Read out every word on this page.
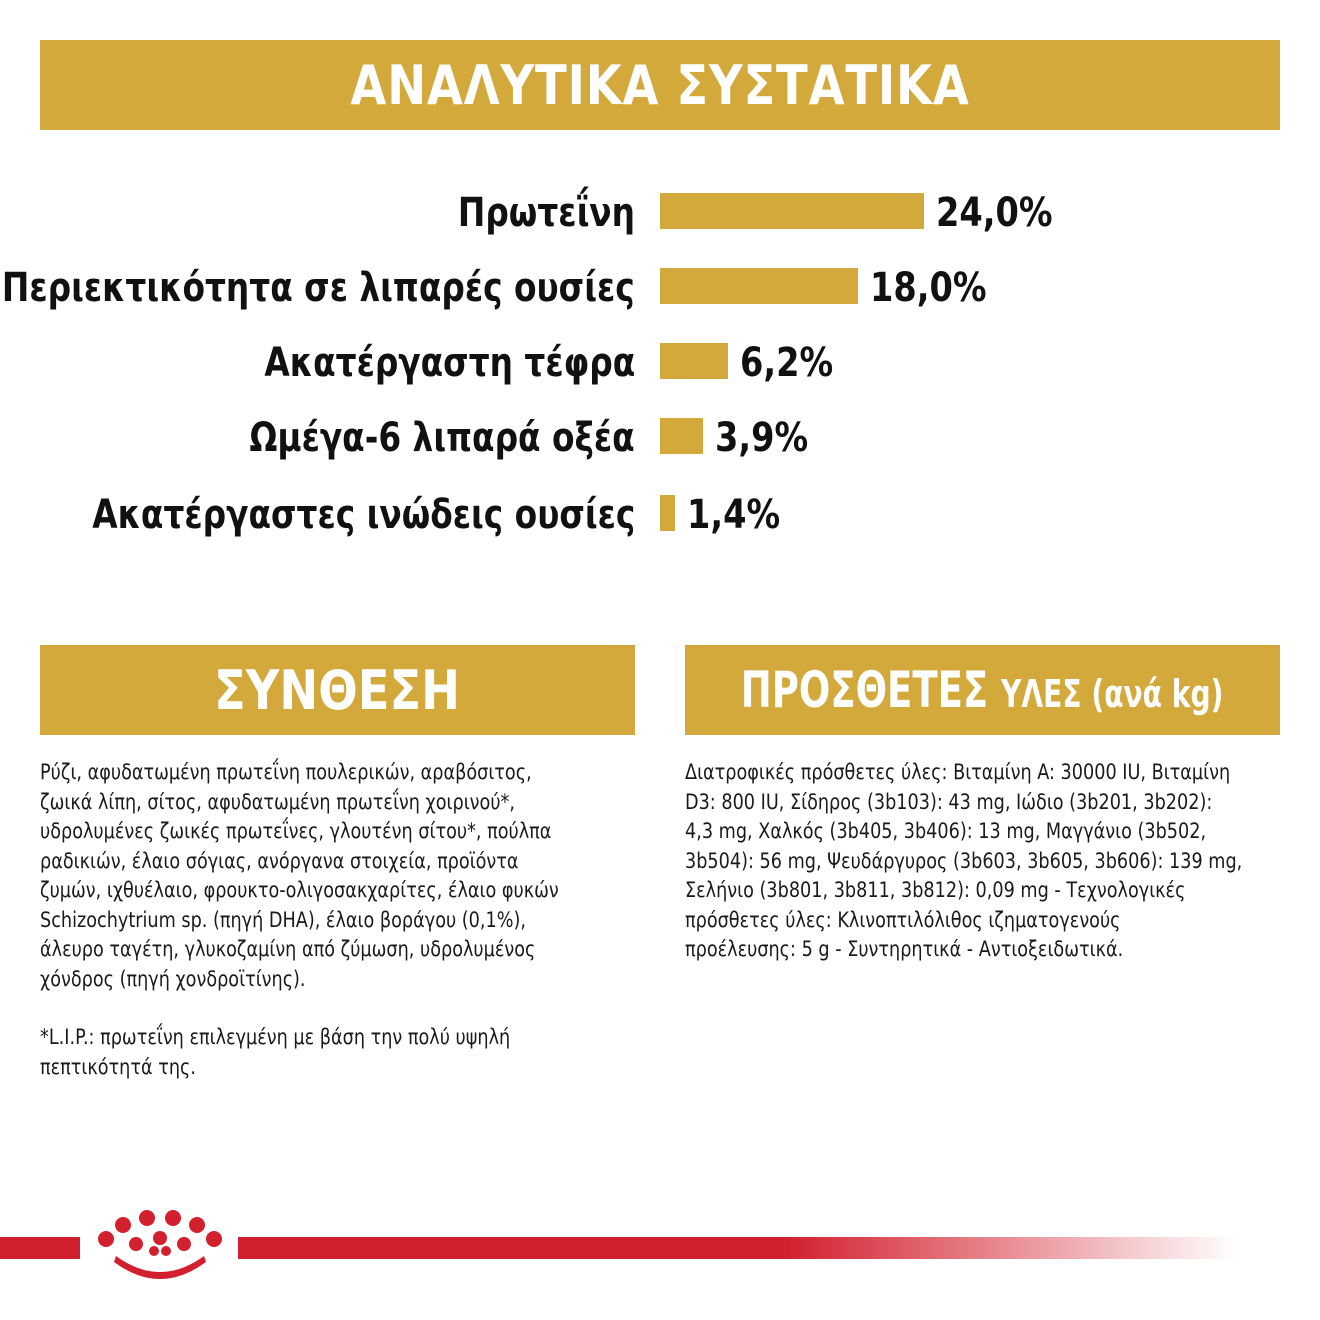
ΑΝΑΛΥΤΙΚΑ ΣΥΣΤΑΤΙΚΑ
Πρωτεΐνη	24,0%
Περιεκτικότητα σε λιπαρές ουσίες	18,0%
Ακατέργαστη τέφρα	6,2%
Ωμέγα-6 λιπαρά οξέα 3,9%
Ακατέργαστες ινώδεις ουσίες 1,4%
ΣΥΝΘΕΣΗ
Ρύζι, αφυδατωμένη πρωτεΐνη πουλερικών, αραβόσιτος,
ζωικά λίπη, σίτος, αφυδατωμένη πρωτεΐνη χοιρινού*,
υδρολυμένες ζωικές πρωτεΐνες, γλουτένη σίτου*, πούλπα
ραδικιών, έλαιο σόγιας, ανόργανα στοιχεία, προϊόντα
ζυμών, ιχθυέλαιο, φρουκτο-ολιγοσακχαρίτες, έλαιο φυκών
Schizochytrium sp. (πηγή DHA), έλαιο βοράγου (0,1%),
άλευρο ταγέτη, γλυκοζαμίνη από ζύμωση, υδρολυμένος
χόνδρος (πηγή χονδροϊτίνης).
*L.I.P.: πρωτεΐνη επιλεγμένη με βάση την πολύ υψηλή
πεπτικότητά της.
ΠΡΟΣΘΕΤΕΣ ΥΛΕΣ (ανά kg)
Διατροφικές πρόσθετες ύλες: Βιταμίνη A: 30000 IU, Βιταμίνη
D3: 800 IU, Σίδηρος (3b103): 43 mg, Ιώδιο (3b201, 3b202):
4,3 mg, Χαλκός (3b405, 3b406): 13 mg, Μαγγάνιο (3b502,
3b504): 56 mg, Ψευδάργυρος (3b603, 3b605, 3b606): 139 mg,
Σελήνιο (3b801, 3b811, 3b812): 0,09 mg - Τεχνολογικές
πρόσθετες ύλες: Κλινοπτιλόλιθος ιζηματογενούς
προέλευσης: 5 g - Συντηρητικά - Αντιοξειδωτικά.
